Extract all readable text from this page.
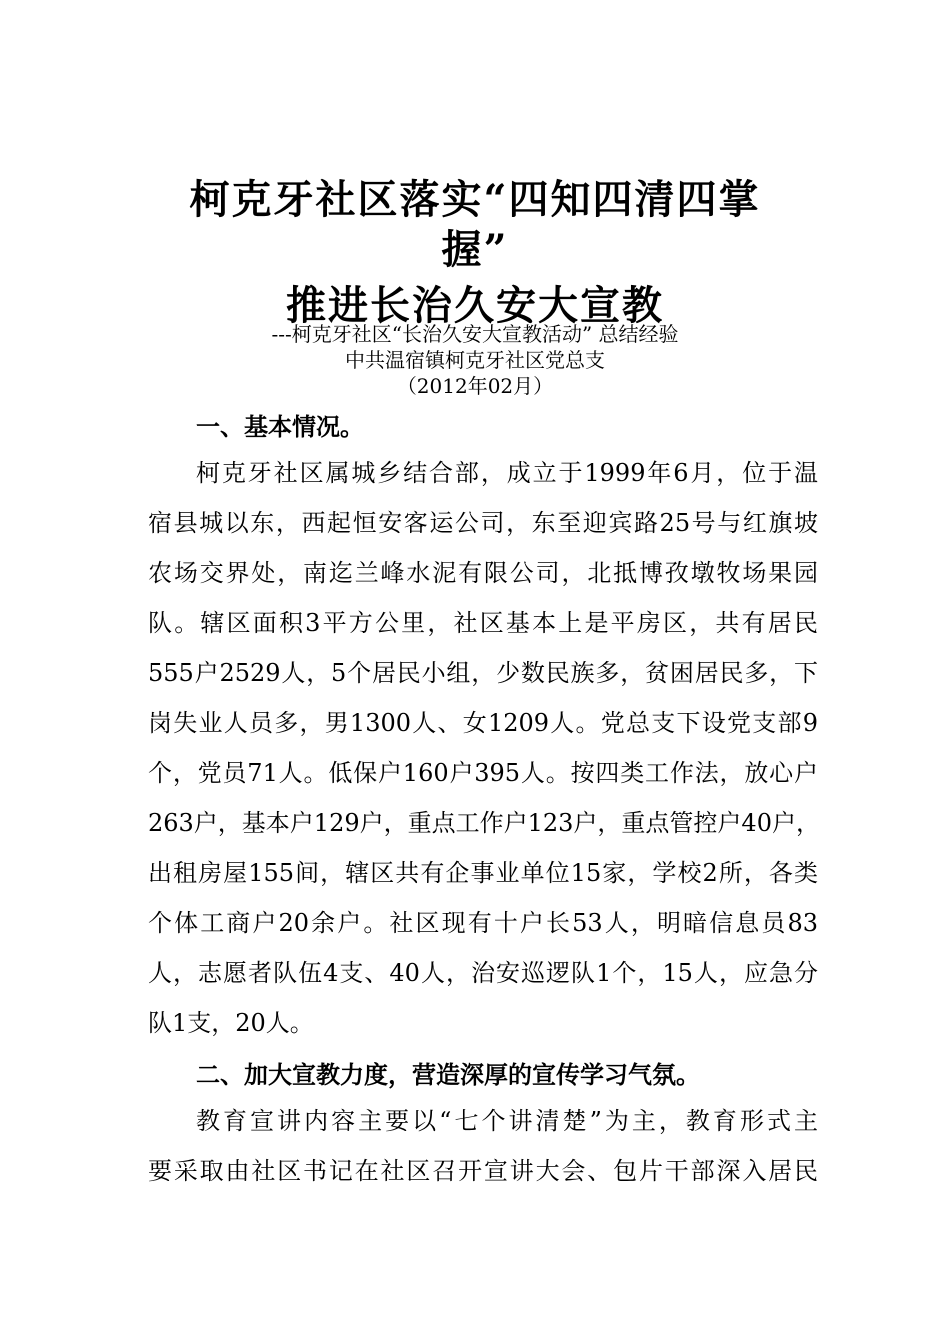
柯克牙社区落实“四知四清四掌
握”
推进长治久安大宣教
---柯克牙社区“长治久安大宣教活动” 总结经验
中共温宿镇柯克牙社区党总支
（2012年02月）
一、基本情况。
柯克牙社区属城乡结合部，成立于1999年6月，位于温
宿县城以东，西起恒安客运公司，东至迎宾路25号与红旗坡
农场交界处，南迄兰峰水泥有限公司，北抵博孜墩牧场果园
队。辖区面积3平方公里，社区基本上是平房区，共有居民
555户2529人，5个居民小组，少数民族多，贫困居民多，下
岗失业人员多，男1300人、女1209人。党总支下设党支部9
个，党员71人。低保户160户395人。按四类工作法，放心户
263户，基本户129户，重点工作户123户，重点管控户40户，
出租房屋155间，辖区共有企事业单位15家，学校2所，各类
个体工商户20余户。社区现有十户长53人，明暗信息员83
人，志愿者队伍4支、40人，治安巡逻队1个，15人，应急分
队1支，20人。
二、加大宣教力度，营造深厚的宣传学习气氛。
教育宣讲内容主要以“七个讲清楚”为主，教育形式主
要采取由社区书记在社区召开宣讲大会、包片干部深入居民
